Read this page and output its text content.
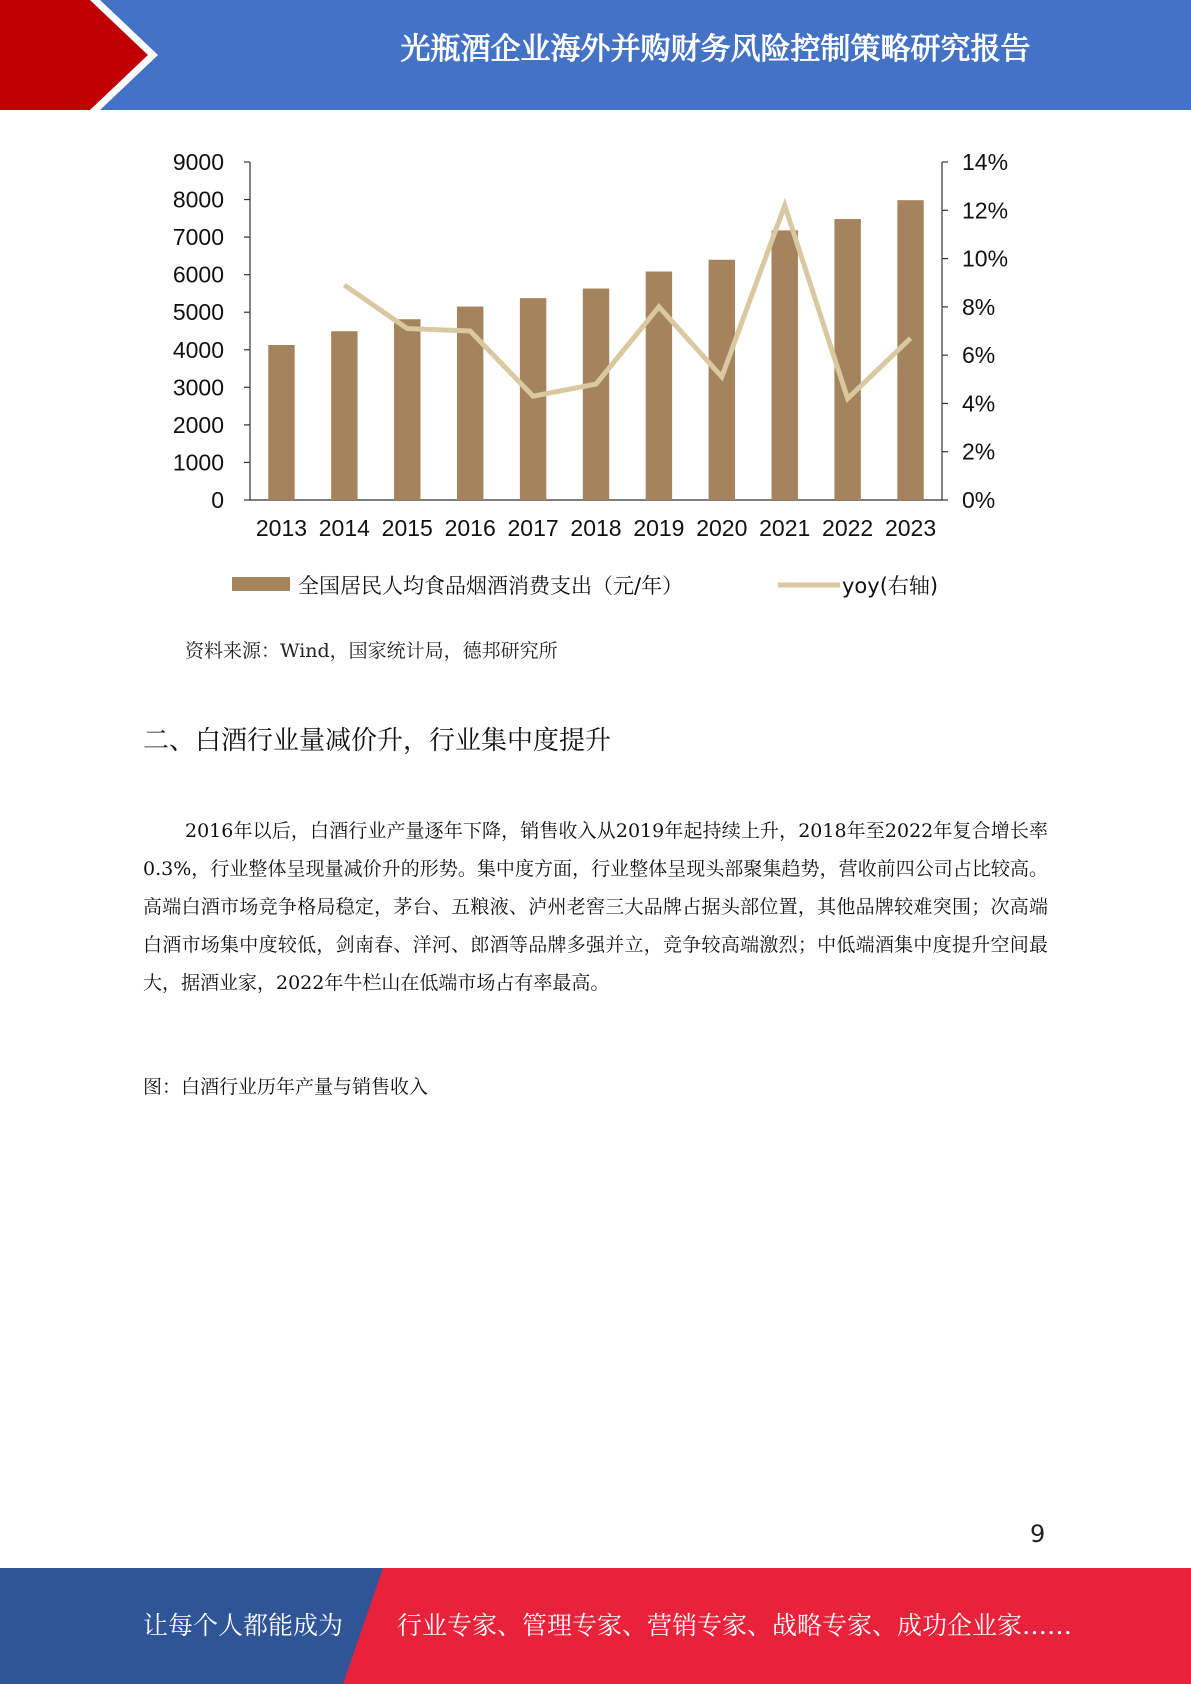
光瓶酒企业海外并购财务风险控制策略研究报告
0
1000
2000
3000
4000
5000
6000
7000
8000
9000
0%
2%
4%
6%
8%
10%
12%
14%
2013 2014 2015 2016 2017 2018 2019 2020 2021 2022 2023
全国居民人均食品烟酒消费支出（元/年）	yoy(右轴)
资料来源：Wind，国家统计局，德邦研究所
二、白酒行业量减价升，行业集中度提升

2016年以后，白酒行业产量逐年下降，销售收入从2019年起持续上升，2018年至2022年复合增长率0.3%，行业整体呈现量减价升的形势。集中度方面，行业整体呈现头部聚集趋势，营收前四公司占比较高。高端白酒市场竞争格局稳定，茅台、五粮液、泸州老窖三大品牌占据头部位置，其他品牌较难突围；次高端白酒市场集中度较低，剑南春、洋河、郎酒等品牌多强并立，竞争较高端激烈；中低端酒集中度提升空间最大，据酒业家，2022年牛栏山在低端市场占有率最高。

图：白酒行业历年产量与销售收入
9
让每个人都能成为 行业专家、管理专家、营销专家、战略专家、成功企业家……
